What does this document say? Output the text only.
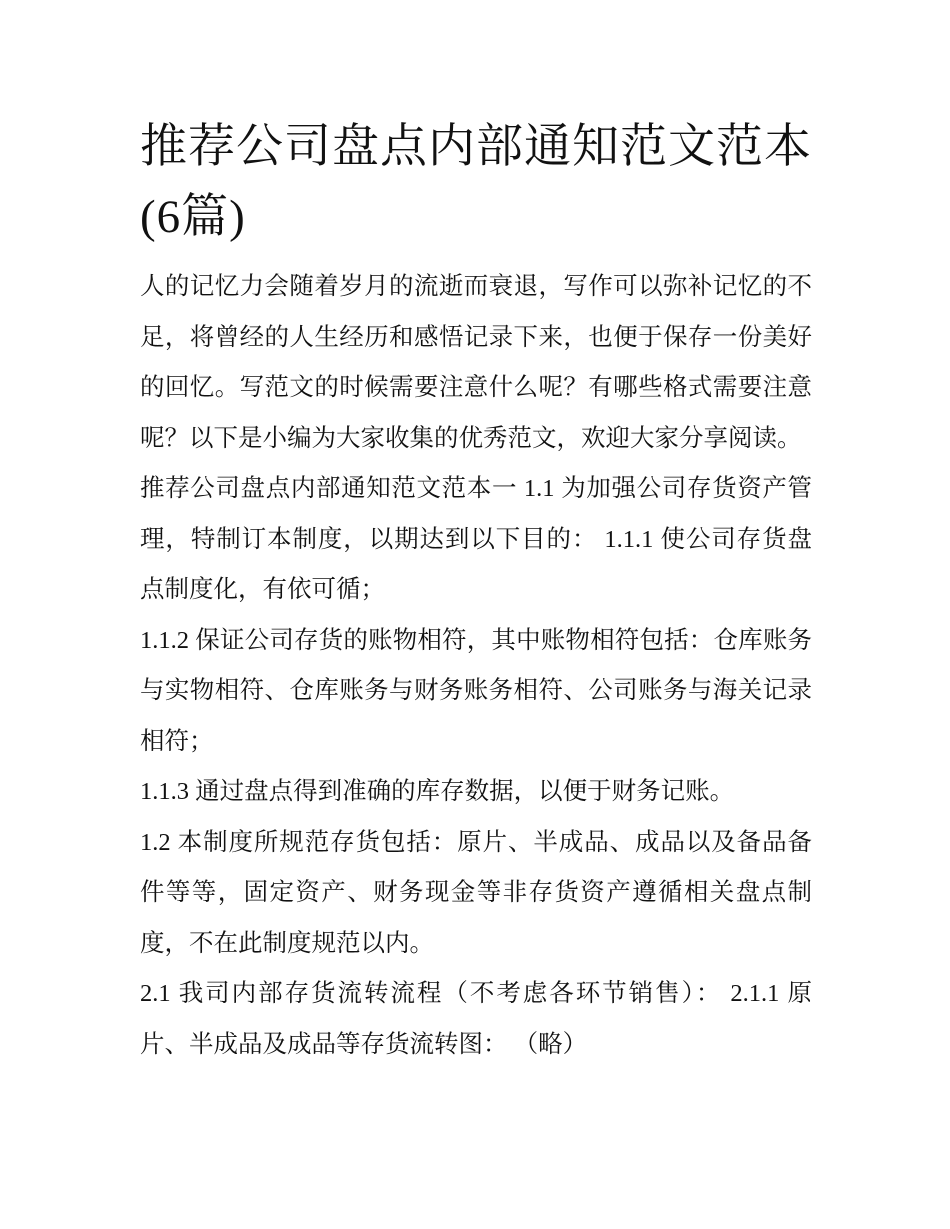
推荐公司盘点内部通知范文范本(6篇)

人的记忆力会随着岁月的流逝而衰退，写作可以弥补记忆的不足，将曾经的人生经历和感悟记录下来，也便于保存一份美好的回忆。写范文的时候需要注意什么呢？有哪些格式需要注意呢？以下是小编为大家收集的优秀范文，欢迎大家分享阅读。

推荐公司盘点内部通知范文范本一 1.1 为加强公司存货资产管理，特制订本制度，以期达到以下目的： 1.1.1 使公司存货盘点制度化，有依可循；

1.1.2 保证公司存货的账物相符，其中账物相符包括：仓库账务与实物相符、仓库账务与财务账务相符、公司账务与海关记录相符；

1.1.3 通过盘点得到准确的库存数据，以便于财务记账。

1.2 本制度所规范存货包括：原片、半成品、成品以及备品备件等等，固定资产、财务现金等非存货资产遵循相关盘点制度，不在此制度规范以内。

2.1 我司内部存货流转流程（不考虑各环节销售）： 2.1.1 原片、半成品及成品等存货流转图： （略）
